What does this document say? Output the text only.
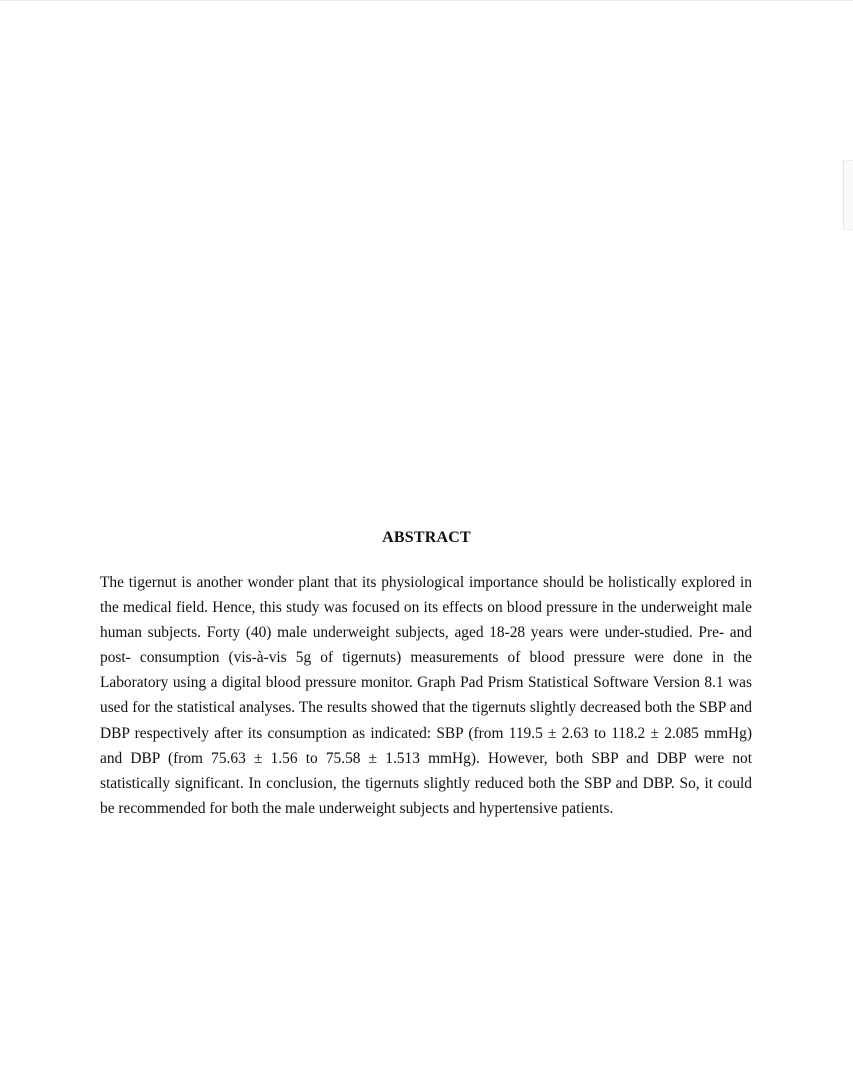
ABSTRACT

The tigernut is another wonder plant that its physiological importance should be holistically explored in the medical field. Hence, this study was focused on its effects on blood pressure in the underweight male human subjects. Forty (40) male underweight subjects, aged 18-28 years were under-studied. Pre- and post- consumption (vis-à-vis 5g of tigernuts) measurements of blood pressure were done in the Laboratory using a digital blood pressure monitor. Graph Pad Prism Statistical Software Version 8.1 was used for the statistical analyses. The results showed that the tigernuts slightly decreased both the SBP and DBP respectively after its consumption as indicated: SBP (from 119.5 ± 2.63 to 118.2 ± 2.085 mmHg) and DBP (from 75.63 ± 1.56 to 75.58 ± 1.513 mmHg). However, both SBP and DBP were not statistically significant. In conclusion, the tigernuts slightly reduced both the SBP and DBP. So, it could be recommended for both the male underweight subjects and hypertensive patients.
